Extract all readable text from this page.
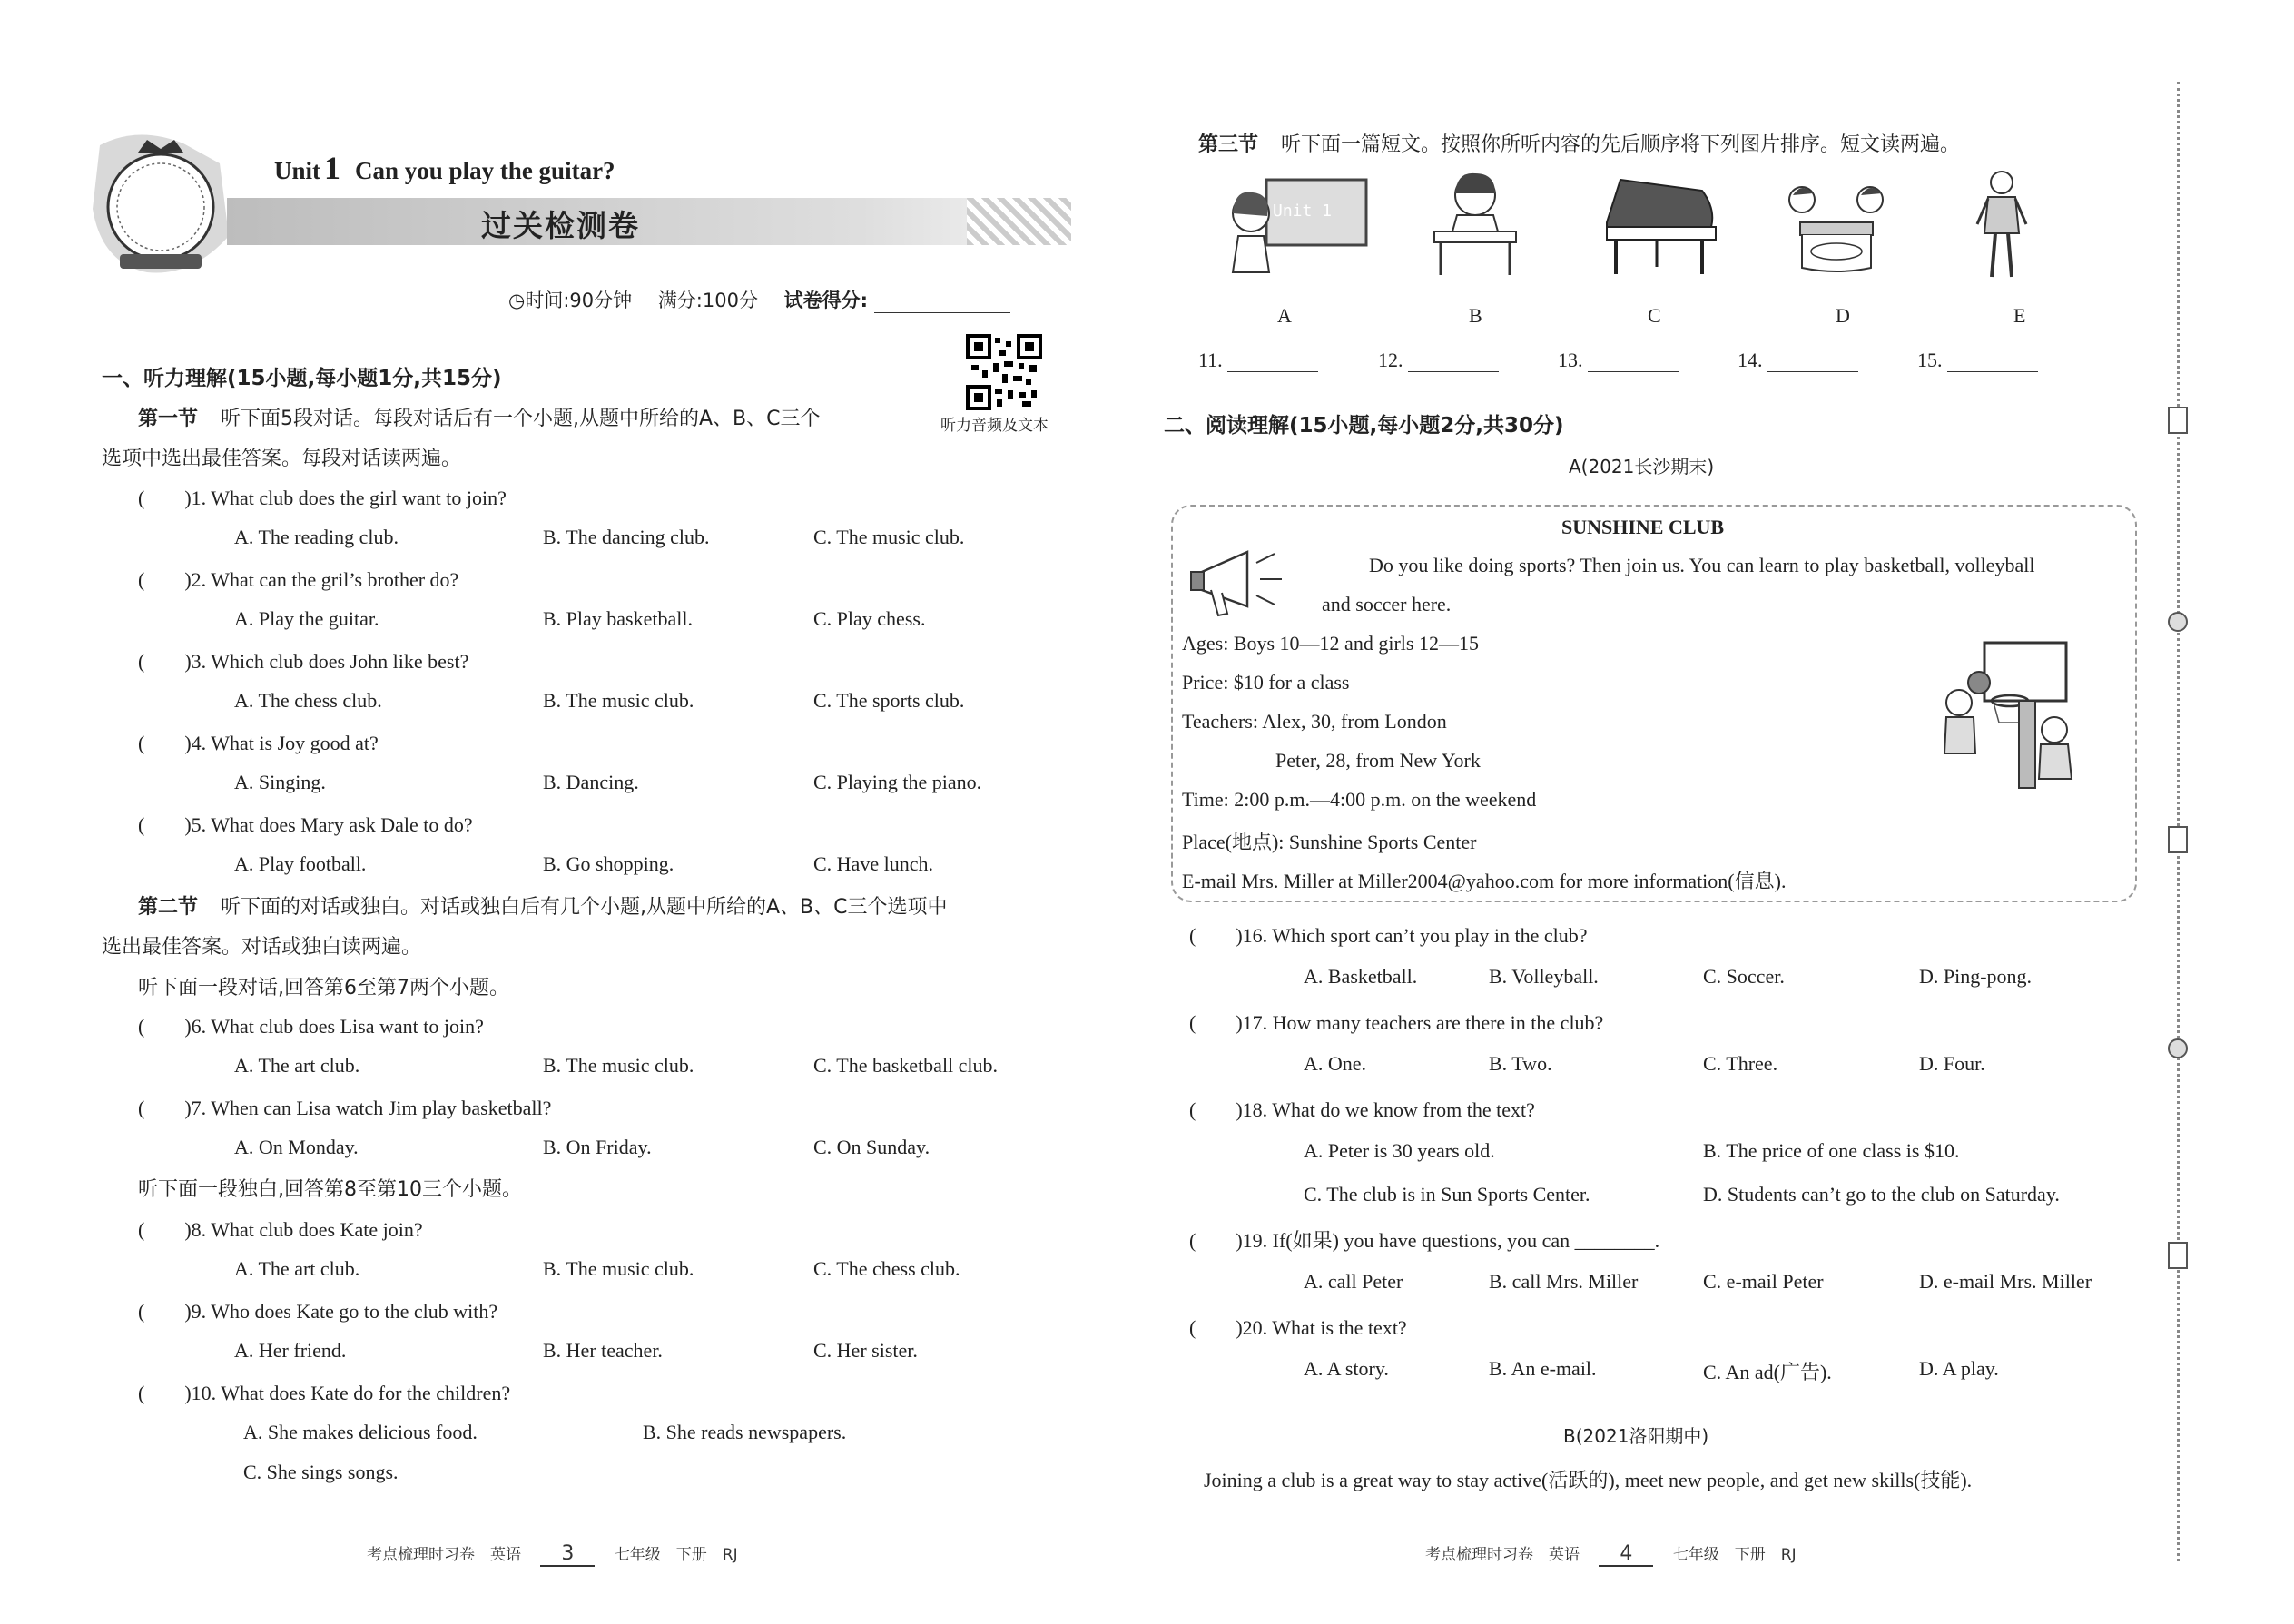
Unit 1 Can you play the guitar?
过关检测卷
◷时间:90分钟 满分:100分 试卷得分:
听力音频及文本
一、听力理解(15小题,每小题1分,共15分)
第一节 听下面5段对话。每段对话后有一个小题,从题中所给的A、B、C三个
选项中选出最佳答案。每段对话读两遍。
(　　)1. What club does the girl want to join?
A. The reading club.	B. The dancing club.	C. The music club.
(　　)2. What can the gril’s brother do?
A. Play the guitar.	B. Play basketball.	C. Play chess.
(　　)3. Which club does John like best?
A. The chess club.	B. The music club.	C. The sports club.
(　　)4. What is Joy good at?
A. Singing.	B. Dancing.	C. Playing the piano.
(　　)5. What does Mary ask Dale to do?
A. Play football.	B. Go shopping.	C. Have lunch.
第二节 听下面的对话或独白。对话或独白后有几个小题,从题中所给的A、B、C三个选项中
选出最佳答案。对话或独白读两遍。
听下面一段对话,回答第6至第7两个小题。
(　　)6. What club does Lisa want to join?
A. The art club.	B. The music club.	C. The basketball club.
(　　)7. When can Lisa watch Jim play basketball?
A. On Monday.	B. On Friday.	C. On Sunday.
听下面一段独白,回答第8至第10三个小题。
(　　)8. What club does Kate join?
A. The art club.	B. The music club.	C. The chess club.
(　　)9. Who does Kate go to the club with?
A. Her friend.	B. Her teacher.	C. Her sister.
(　　)10. What does Kate do for the children?
A. She makes delicious food.	B. She reads newspapers.
C. She sings songs.
考点梳理时习卷　英语 3	七年级　下册　RJ
第三节 听下面一篇短文。按照你所听内容的先后顺序将下列图片排序。短文读两遍。
Unit 1
A	B	C	D	E
11.	12.	13.	14.	15.
二、阅读理解(15小题,每小题2分,共30分)
A(2021长沙期末)
SUNSHINE CLUB
Do you like doing sports? Then join us. You can learn to play basketball, volleyball
and soccer here.
Ages: Boys 10—12 and girls 12—15
Price: $10 for a class
Teachers: Alex, 30, from London
Peter, 28, from New York
Time: 2:00 p.m.—4:00 p.m. on the weekend
Place(地点): Sunshine Sports Center
E-mail Mrs. Miller at Miller2004@yahoo.com for more information(信息).
(　　)16. Which sport can’t you play in the club?
A. Basketball.	B. Volleyball.	C. Soccer.	D. Ping-pong.
(　　)17. How many teachers are there in the club?
A. One.	B. Two.	C. Three.	D. Four.
(　　)18. What do we know from the text?
A. Peter is 30 years old.	B. The price of one class is $10.
C. The club is in Sun Sports Center.	D. Students can’t go to the club on Saturday.
(　　)19. If(如果) you have questions, you can ________.
A. call Peter	B. call Mrs. Miller	C. e-mail Peter	D. e-mail Mrs. Miller
(　　)20. What is the text?
A. A story.	B. An e-mail.	C. An ad(广告).	D. A play.
B(2021洛阳期中)
Joining a club is a great way to stay active(活跃的), meet new people, and get new skills(技能).
考点梳理时习卷　英语 4	七年级　下册　RJ
